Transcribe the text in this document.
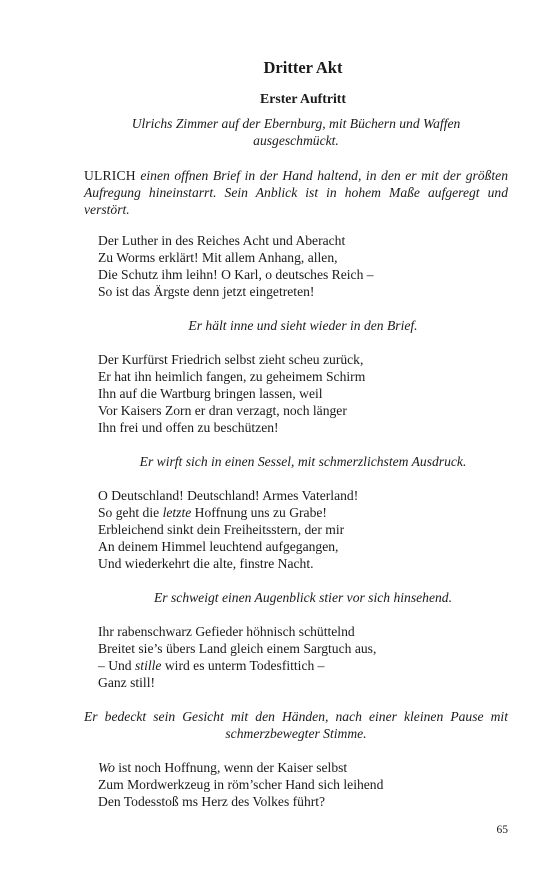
Dritter Akt
Erster Auftritt

Ulrichs Zimmer auf der Ebernburg, mit Büchern und Waffen ausgeschmückt.

ULRICH einen offnen Brief in der Hand haltend, in den er mit der größten Aufregung hineinstarrt. Sein Anblick ist in hohem Maße aufgeregt und verstört.

Der Luther in des Reiches Acht und Aberacht
Zu Worms erklärt! Mit allem Anhang, allen,
Die Schutz ihm leihn! O Karl, o deutsches Reich –
So ist das Ärgste denn jetzt eingetreten!

Er hält inne und sieht wieder in den Brief.

Der Kurfürst Friedrich selbst zieht scheu zurück,
Er hat ihn heimlich fangen, zu geheimem Schirm
Ihn auf die Wartburg bringen lassen, weil
Vor Kaisers Zorn er dran verzagt, noch länger
Ihn frei und offen zu beschützen!

Er wirft sich in einen Sessel, mit schmerzlichstem Ausdruck.

O Deutschland! Deutschland! Armes Vaterland!
So geht die letzte Hoffnung uns zu Grabe!
Erbleichend sinkt dein Freiheitsstern, der mir
An deinem Himmel leuchtend aufgegangen,
Und wiederkehrt die alte, finstre Nacht.

Er schweigt einen Augenblick stier vor sich hinsehend.

Ihr rabenschwarz Gefieder höhnisch schüttelnd
Breitet sie’s übers Land gleich einem Sargtuch aus,
– Und stille wird es unterm Todesfittich –
Ganz still!

Er bedeckt sein Gesicht mit den Händen, nach einer kleinen Pause mit schmerzbewegter Stimme.

Wo ist noch Hoffnung, wenn der Kaiser selbst
Zum Mordwerkzeug in röm’scher Hand sich leihend
Den Todesstoß ms Herz des Volkes führt?
65
